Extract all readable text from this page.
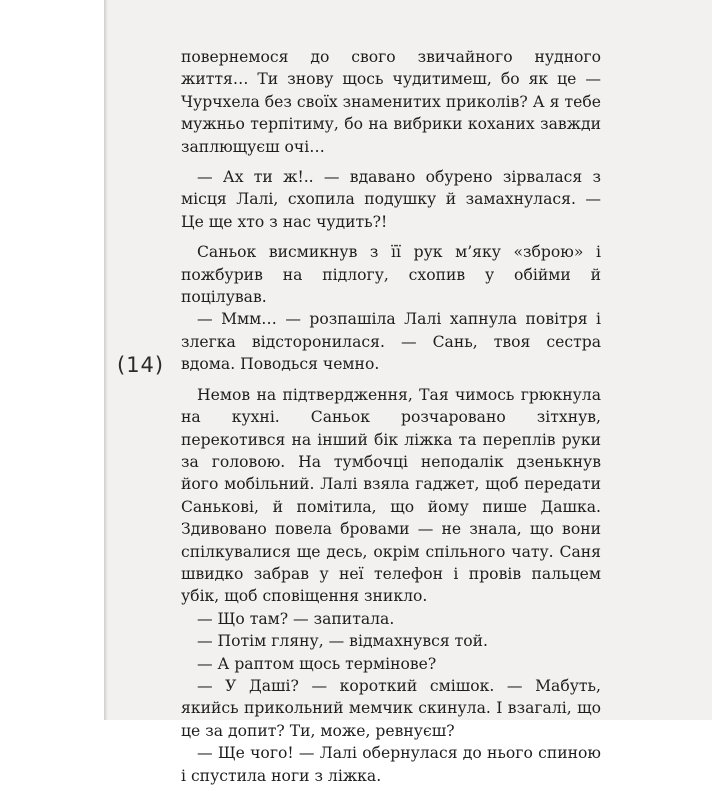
(14)

повернемося до свого звичайного нудного життя… Ти знову щось чудитимеш, бо як це — Чурчхела без своїх знаменитих приколів? А я тебе мужньо терпітиму, бо на вибрики коханих завжди заплющуєш очі…

— Ах ти ж!.. — вдавано обурено зірвалася з місця Лалі, схопила подушку й замахнулася. — Це ще хто з нас чудить?!

Саньок висмикнув з її рук м’яку «зброю» і пожбурив на підлогу, схопив у обійми й поцілував.

— Ммм… — розпашіла Лалі хапнула повітря і злегка відсторонилася. — Сань, твоя сестра вдома. Поводься чемно.

Немов на підтвердження, Тая чимось грюкнула на кухні. Саньок розчаровано зітхнув, перекотився на інший бік ліжка та переплів руки за головою. На тумбочці неподалік дзенькнув його мобільний. Лалі взяла гаджет, щоб передати Санькові, й помітила, що йому пише Дашка. Здивовано повела бровами — не знала, що вони спілкувалися ще десь, окрім спільного чату. Саня швидко забрав у неї телефон і провів пальцем убік, щоб сповіщення зникло.

— Що там? — запитала.

— Потім гляну, — відмахнувся той.

— А раптом щось термінове?

— У Даші? — короткий смішок. — Мабуть, якийсь прикольний мемчик скинула. І взагалі, що це за допит? Ти, може, ревнуєш?

— Ще чого! — Лалі обернулася до нього спиною і спустила ноги з ліжка.
